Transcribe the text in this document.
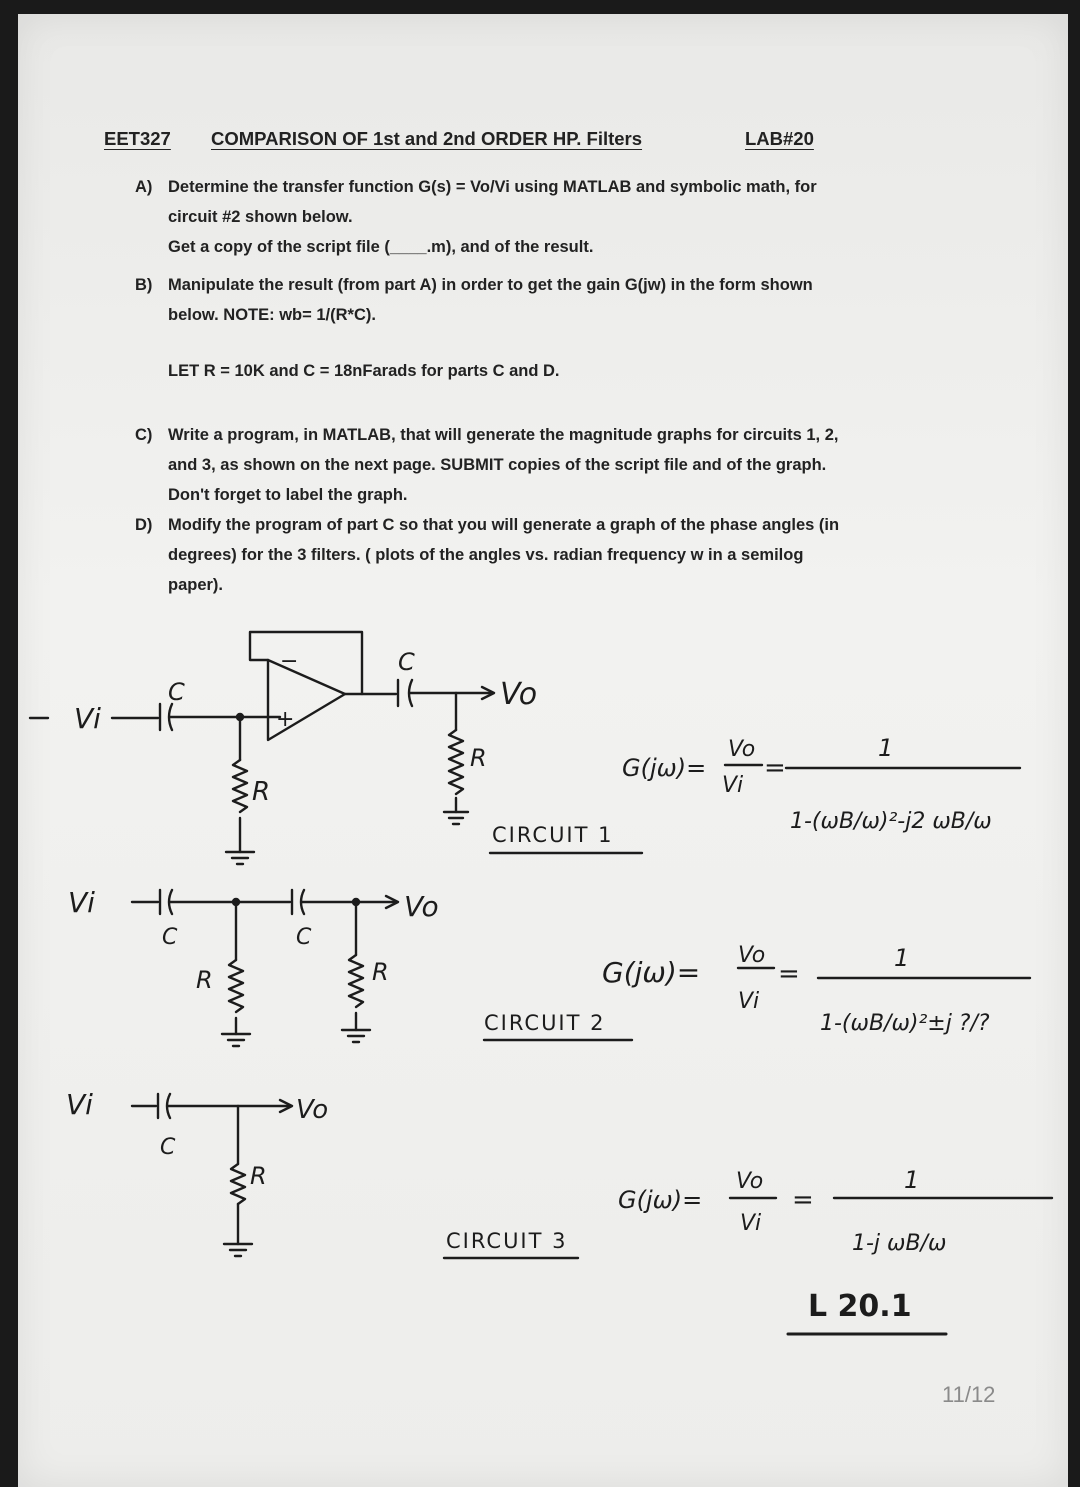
EET327 COMPARISON OF 1st and 2nd ORDER HP. Filters	LAB#20
A) Determine the transfer function G(s) = Vo/Vi using MATLAB and symbolic math, for

circuit #2 shown below.

Get a copy of the script file (____.m), and of the result.

B) Manipulate the result (from part A) in order to get the gain G(jw) in the form shown

below. NOTE: wb= 1/(R*C).

LET R = 10K and C = 18nFarads for parts C and D.

C) Write a program, in MATLAB, that will generate the magnitude graphs for circuits 1, 2,

and 3, as shown on the next page. SUBMIT copies of the script file and of the graph.

Don't forget to label the graph.

D) Modify the program of part C so that you will generate a graph of the phase angles (in

degrees) for the 3 filters. ( plots of the angles vs. radian frequency w in a semilog

paper).

−
+
Vi
C
R
C
Vo
R
CIRCUIT 1
G(jω)=
Vo
Vi
=
1
1-(ωB/ω)²-j2 ωB/ω
Vi
C	C
Vo
R	R
CIRCUIT 2
G(jω)=
Vo
Vi
=
1
1-(ωB/ω)²±j ?/?
Vi
C
Vo
R
CIRCUIT 3
G(jω)=
Vo
Vi
=
1
1-j ωB/ω
L 20.1
11/12
